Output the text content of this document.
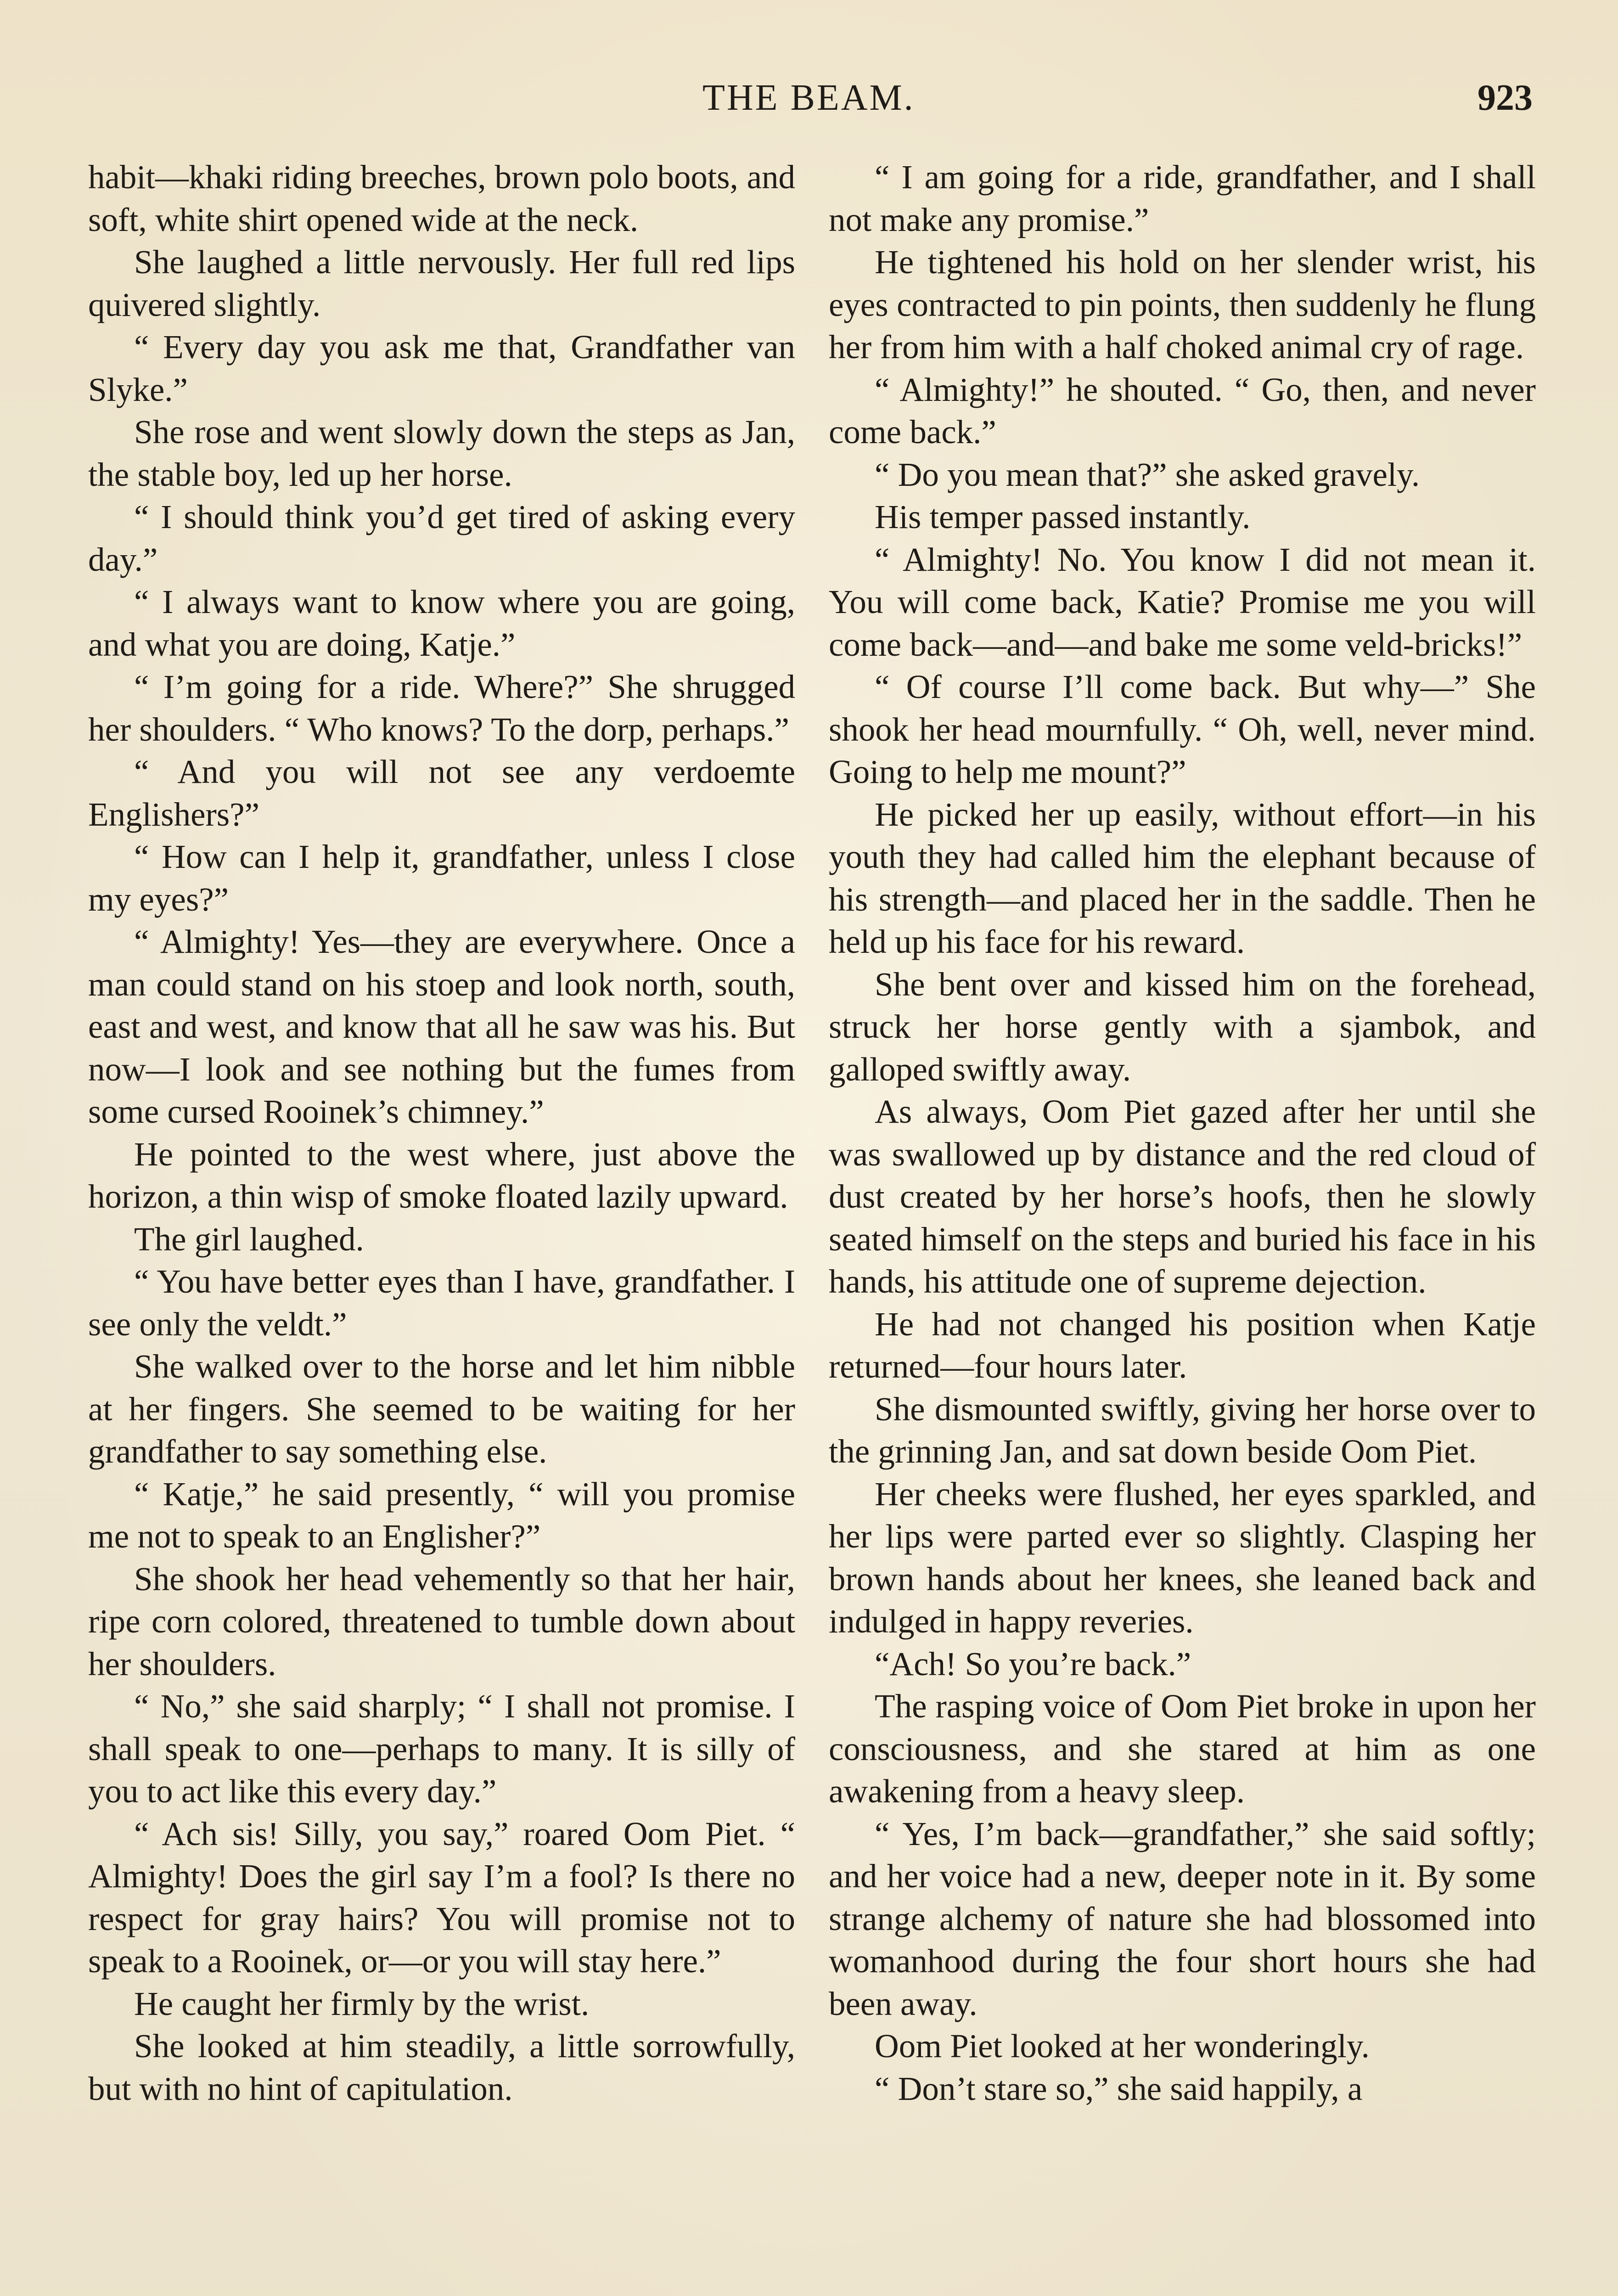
THE BEAM.	923

habit—khaki riding breeches, brown polo boots, and soft, white shirt opened wide at the neck.

She laughed a little nervously. Her full red lips quivered slightly.

“ Every day you ask me that, Grandfather van Slyke.”

She rose and went slowly down the steps as Jan, the stable boy, led up her horse.

“ I should think you’d get tired of asking every day.”

“ I always want to know where you are going, and what you are doing, Katje.”

“ I’m going for a ride. Where?” She shrugged her shoulders. “ Who knows? To the dorp, perhaps.”

“ And you will not see any verdoemte Englishers?”

“ How can I help it, grandfather, unless I close my eyes?”

“ Almighty! Yes—they are everywhere. Once a man could stand on his stoep and look north, south, east and west, and know that all he saw was his. But now—I look and see nothing but the fumes from some cursed Rooinek’s chimney.”

He pointed to the west where, just above the horizon, a thin wisp of smoke floated lazily upward.

The girl laughed.

“ You have better eyes than I have, grandfather. I see only the veldt.”

She walked over to the horse and let him nibble at her fingers. She seemed to be waiting for her grandfather to say something else.

“ Katje,” he said presently, “ will you promise me not to speak to an Englisher?”

She shook her head vehemently so that her hair, ripe corn colored, threatened to tumble down about her shoulders.

“ No,” she said sharply; “ I shall not promise. I shall speak to one—perhaps to many. It is silly of you to act like this every day.”

“ Ach sis! Silly, you say,” roared Oom Piet. “ Almighty! Does the girl say I’m a fool? Is there no respect for gray hairs? You will promise not to speak to a Rooinek, or—or you will stay here.”

He caught her firmly by the wrist.

She looked at him steadily, a little sorrowfully, but with no hint of capitulation.

“ I am going for a ride, grandfather, and I shall not make any promise.”

He tightened his hold on her slender wrist, his eyes contracted to pin points, then suddenly he flung her from him with a half choked animal cry of rage.

“ Almighty!” he shouted. “ Go, then, and never come back.”

“ Do you mean that?” she asked gravely.

His temper passed instantly.

“ Almighty! No. You know I did not mean it. You will come back, Katie? Promise me you will come back—and—and bake me some veld-bricks!”

“ Of course I’ll come back. But why—” She shook her head mournfully. “ Oh, well, never mind. Going to help me mount?”

He picked her up easily, without effort—in his youth they had called him the elephant because of his strength—and placed her in the saddle. Then he held up his face for his reward.

She bent over and kissed him on the forehead, struck her horse gently with a sjambok, and galloped swiftly away.

As always, Oom Piet gazed after her until she was swallowed up by distance and the red cloud of dust created by her horse’s hoofs, then he slowly seated himself on the steps and buried his face in his hands, his attitude one of supreme dejection.

He had not changed his position when Katje returned—four hours later.

She dismounted swiftly, giving her horse over to the grinning Jan, and sat down beside Oom Piet.

Her cheeks were flushed, her eyes sparkled, and her lips were parted ever so slightly. Clasping her brown hands about her knees, she leaned back and indulged in happy reveries.

“Ach! So you’re back.”

The rasping voice of Oom Piet broke in upon her consciousness, and she stared at him as one awakening from a heavy sleep.

“ Yes, I’m back—grandfather,” she said softly; and her voice had a new, deeper note in it. By some strange alchemy of nature she had blossomed into womanhood during the four short hours she had been away.

Oom Piet looked at her wonderingly.

“ Don’t stare so,” she said happily, a
